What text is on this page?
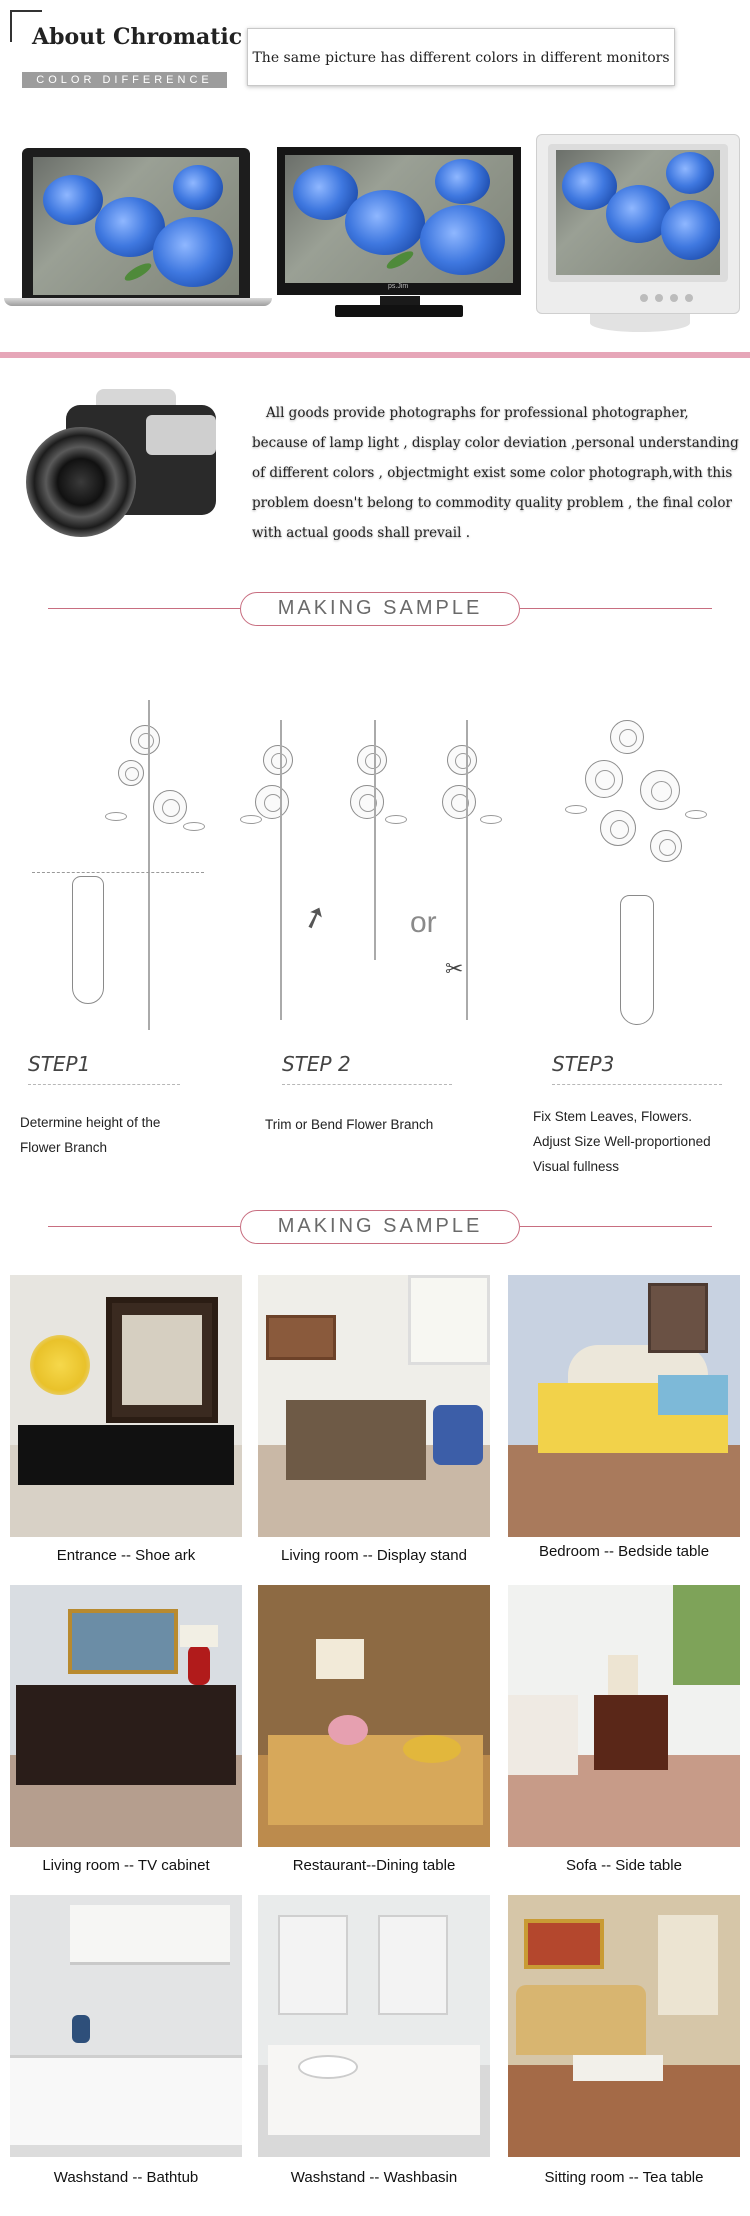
About Chromatic
COLOR DIFFERENCE
The same picture has different colors in different monitors
ps.Jim
All goods provide photographs for professional photographer, because of lamp light , display color deviation ,personal understanding of different colors , objectmight exist some color photograph,with this problem doesn't belong to commodity quality problem , the final color with actual goods shall prevail .
MAKING SAMPLE
➚	or
✂
STEP1	STEP 2	STEP3
Determine height of the
Flower Branch
Trim or Bend Flower Branch
Fix Stem Leaves, Flowers.
Adjust Size Well-proportioned
Visual fullness
MAKING SAMPLE
Entrance -- Shoe ark	Living room -- Display stand	Bedroom -- Bedside table
Living room -- TV cabinet	Restaurant--Dining table	Sofa -- Side table
Washstand -- Bathtub	Washstand -- Washbasin	Sitting room -- Tea table
